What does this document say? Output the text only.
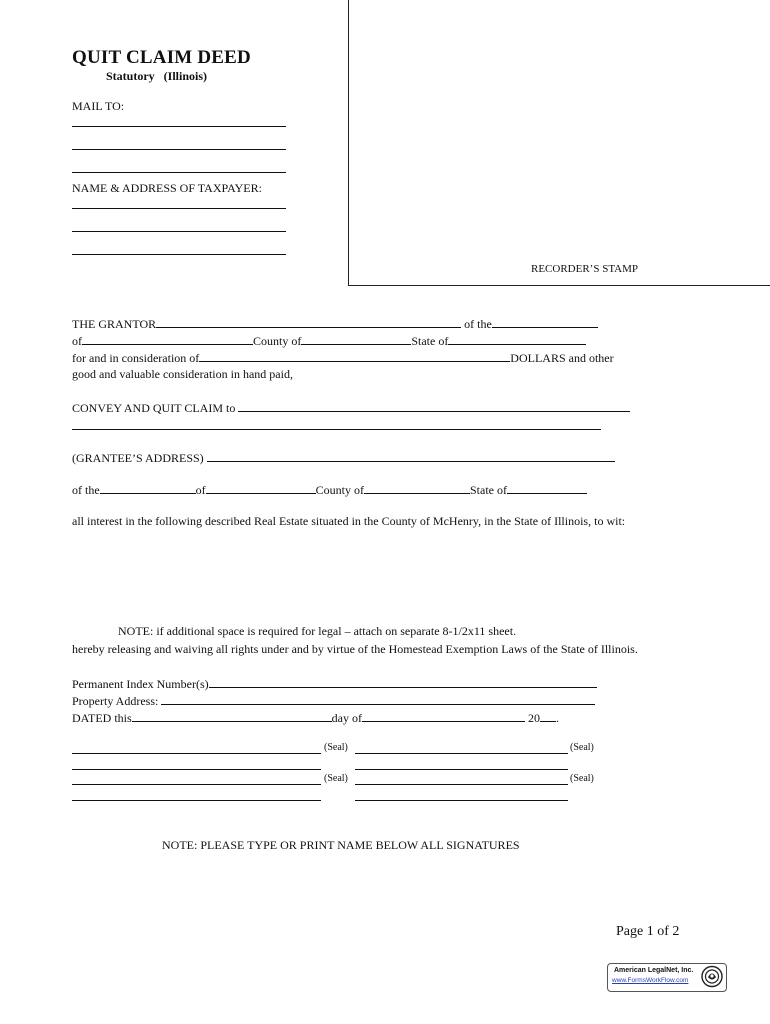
QUIT CLAIM DEED
Statutory   (Illinois)
MAIL TO:
NAME & ADDRESS OF TAXPAYER:
RECORDER’S STAMP
THE GRANTOR	of the
of	County of	State of
for and in consideration of	DOLLARS and other
good and valuable consideration in hand paid,
CONVEY AND QUIT CLAIM to
(GRANTEE’S ADDRESS)
of the	of	County of	State of
all interest in the following described Real Estate situated in the County of McHenry, in the State of Illinois, to wit:
NOTE: if additional space is required for legal – attach on separate 8-1/2x11 sheet.
hereby releasing and waiving all rights under and by virtue of the Homestead Exemption Laws of the State of Illinois.
Permanent Index Number(s)
Property Address:
DATED this	day of	20 .
(Seal)	(Seal)
(Seal)	(Seal)
NOTE: PLEASE TYPE OR PRINT NAME BELOW ALL SIGNATURES
Page 1 of 2
American LegalNet, Inc.
www.FormsWorkFlow.com
